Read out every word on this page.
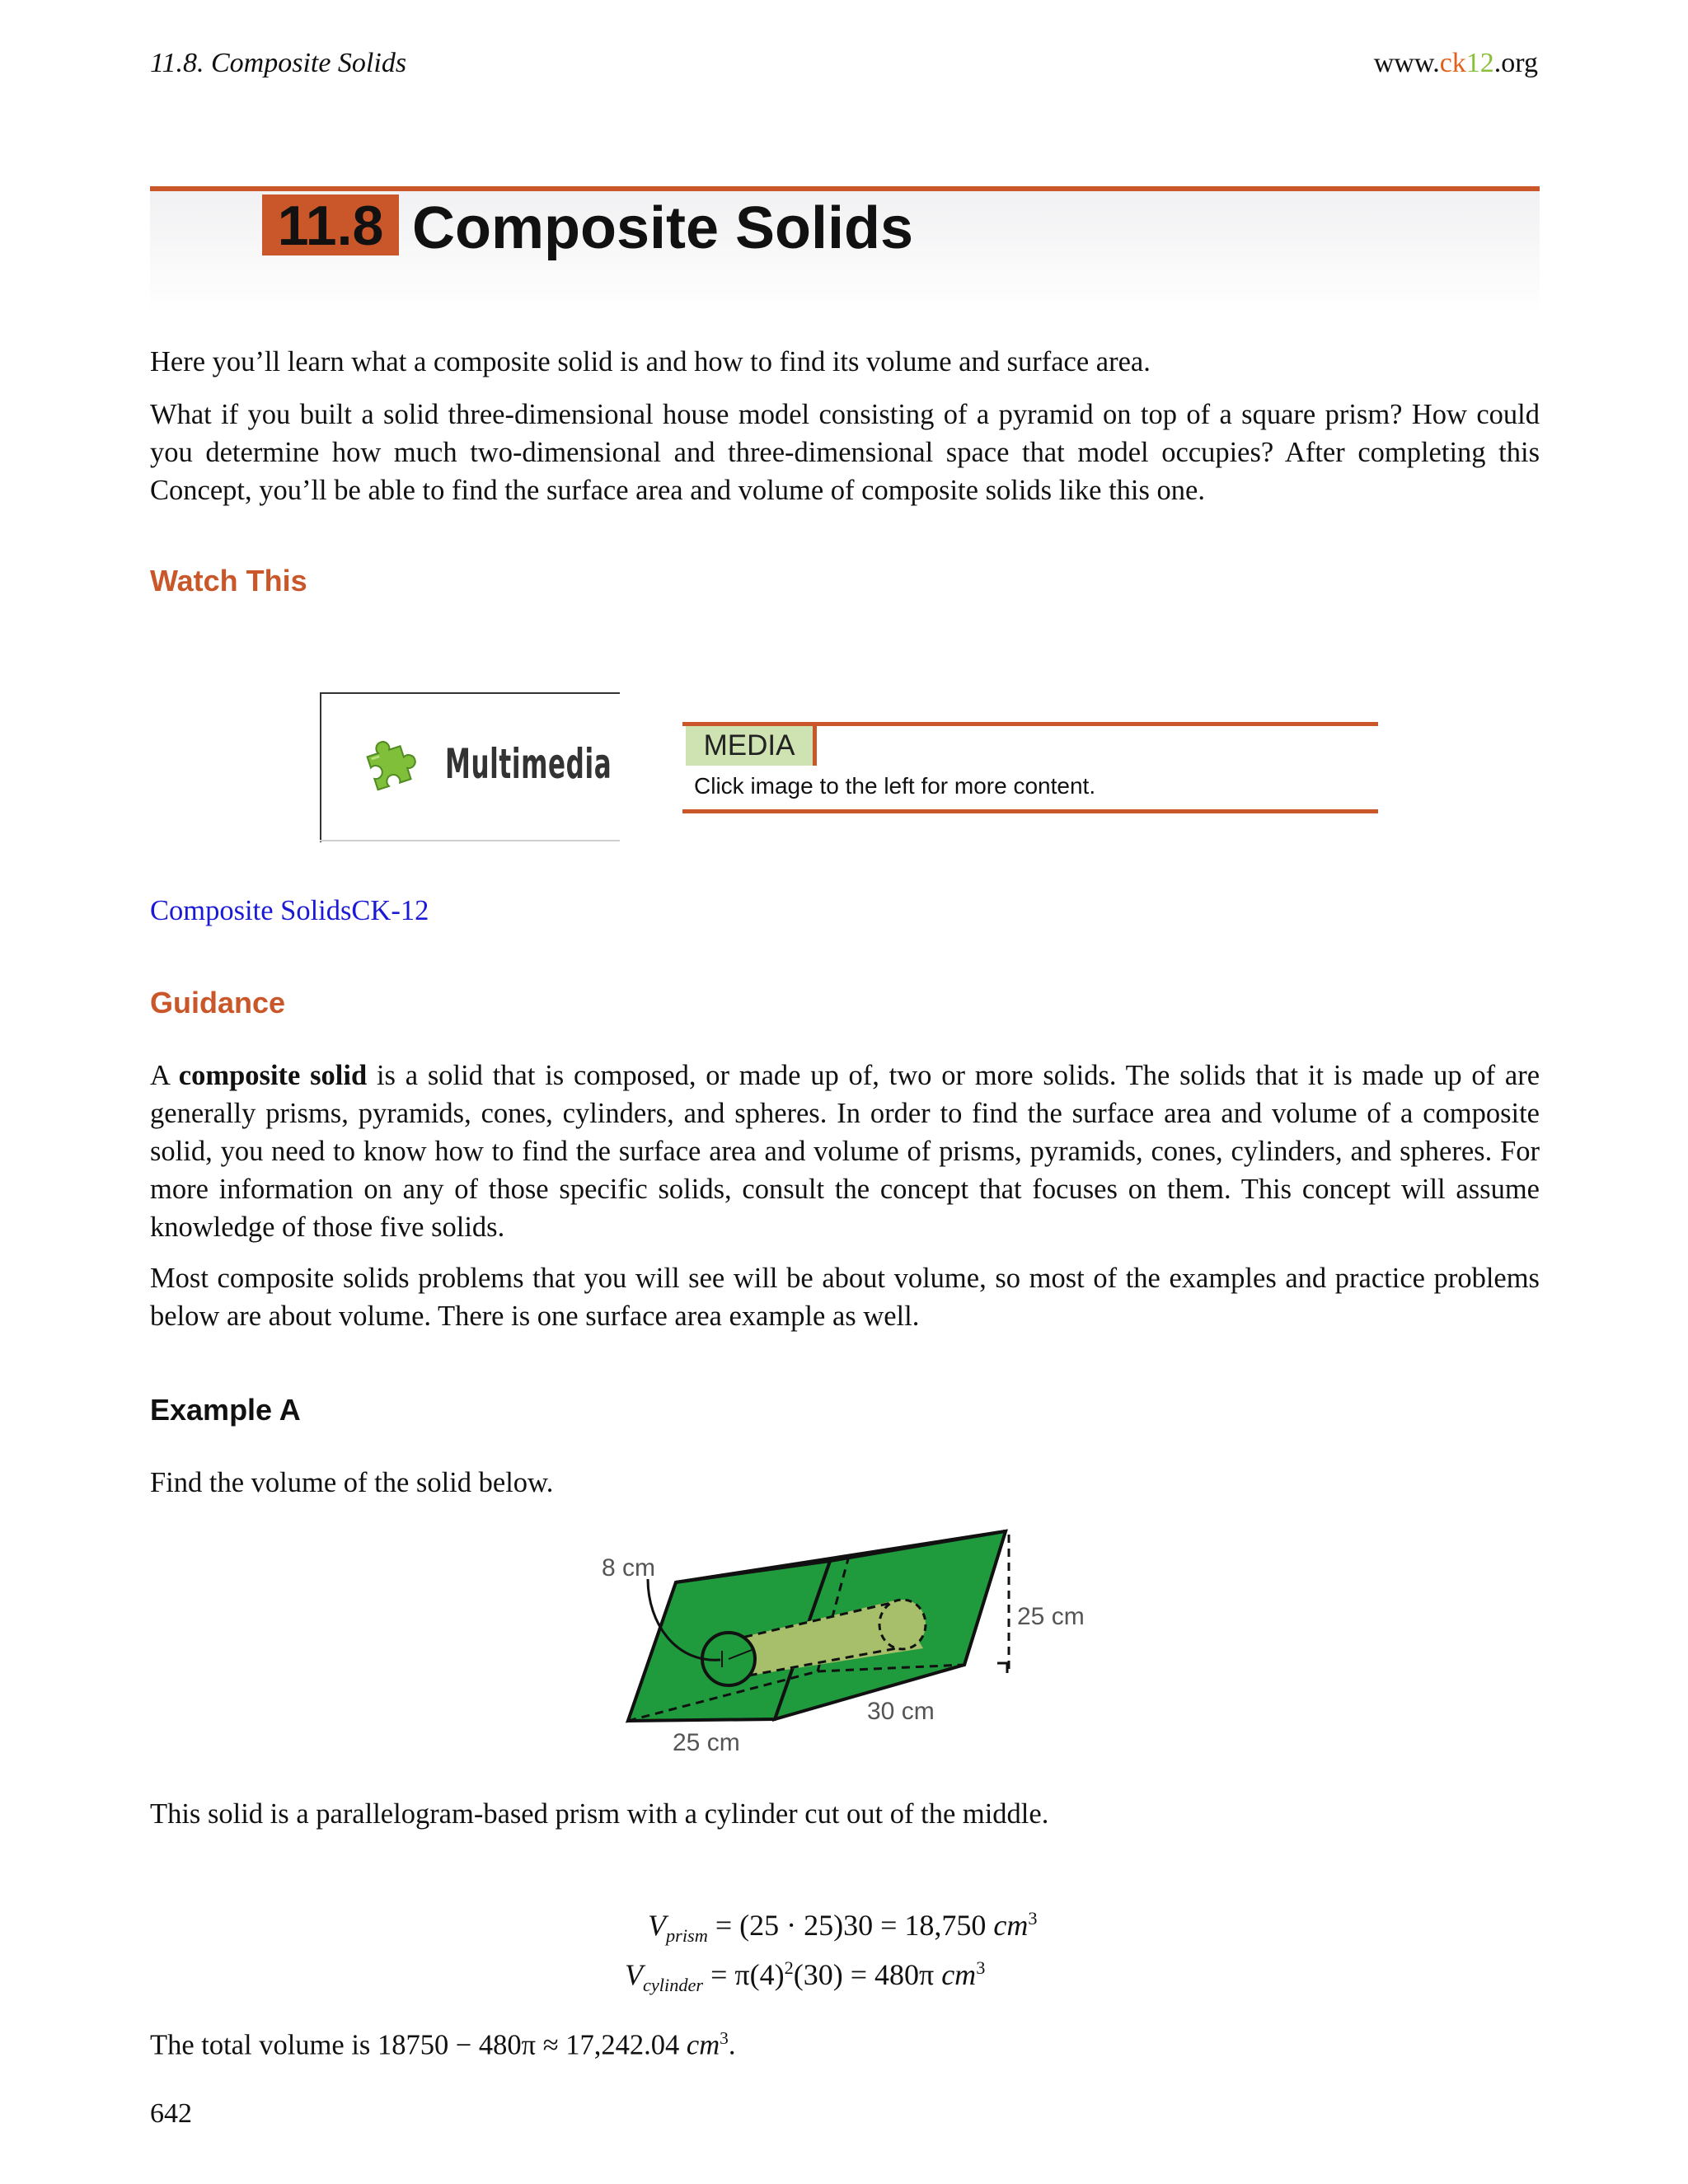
11.8. Composite Solids	www.ck12.org
11.8 Composite Solids
Here you’ll learn what a composite solid is and how to find its volume and surface area.
What if you built a solid three-dimensional house model consisting of a pyramid on top of a square prism? How could you determine how much two-dimensional and three-dimensional space that model occupies? After completing this Concept, you’ll be able to find the surface area and volume of composite solids like this one.
Watch This
Multimedia	MEDIA
Click image to the left for more content.
Composite SolidsCK-12
Guidance
A composite solid is a solid that is composed, or made up of, two or more solids. The solids that it is made up of are generally prisms, pyramids, cones, cylinders, and spheres. In order to find the surface area and volume of a composite solid, you need to know how to find the surface area and volume of prisms, pyramids, cones, cylinders, and spheres. For more information on any of those specific solids, consult the concept that focuses on them. This concept will assume knowledge of those five solids.
Most composite solids problems that you will see will be about volume, so most of the examples and practice problems below are about volume. There is one surface area example as well.
Example A
Find the volume of the solid below.
8 cm
25 cm
30 cm
25 cm
This solid is a parallelogram-based prism with a cylinder cut out of the middle.
$V_{prism} = (25 \cdot 25)30 = 18,750$ $cm^3$
$V_{cylinder} = \pi(4)^2(30) = 480\pi$ $cm^3$
The total volume is 18750 − 480π ≈ 17,242.04 $cm^3$.
642
